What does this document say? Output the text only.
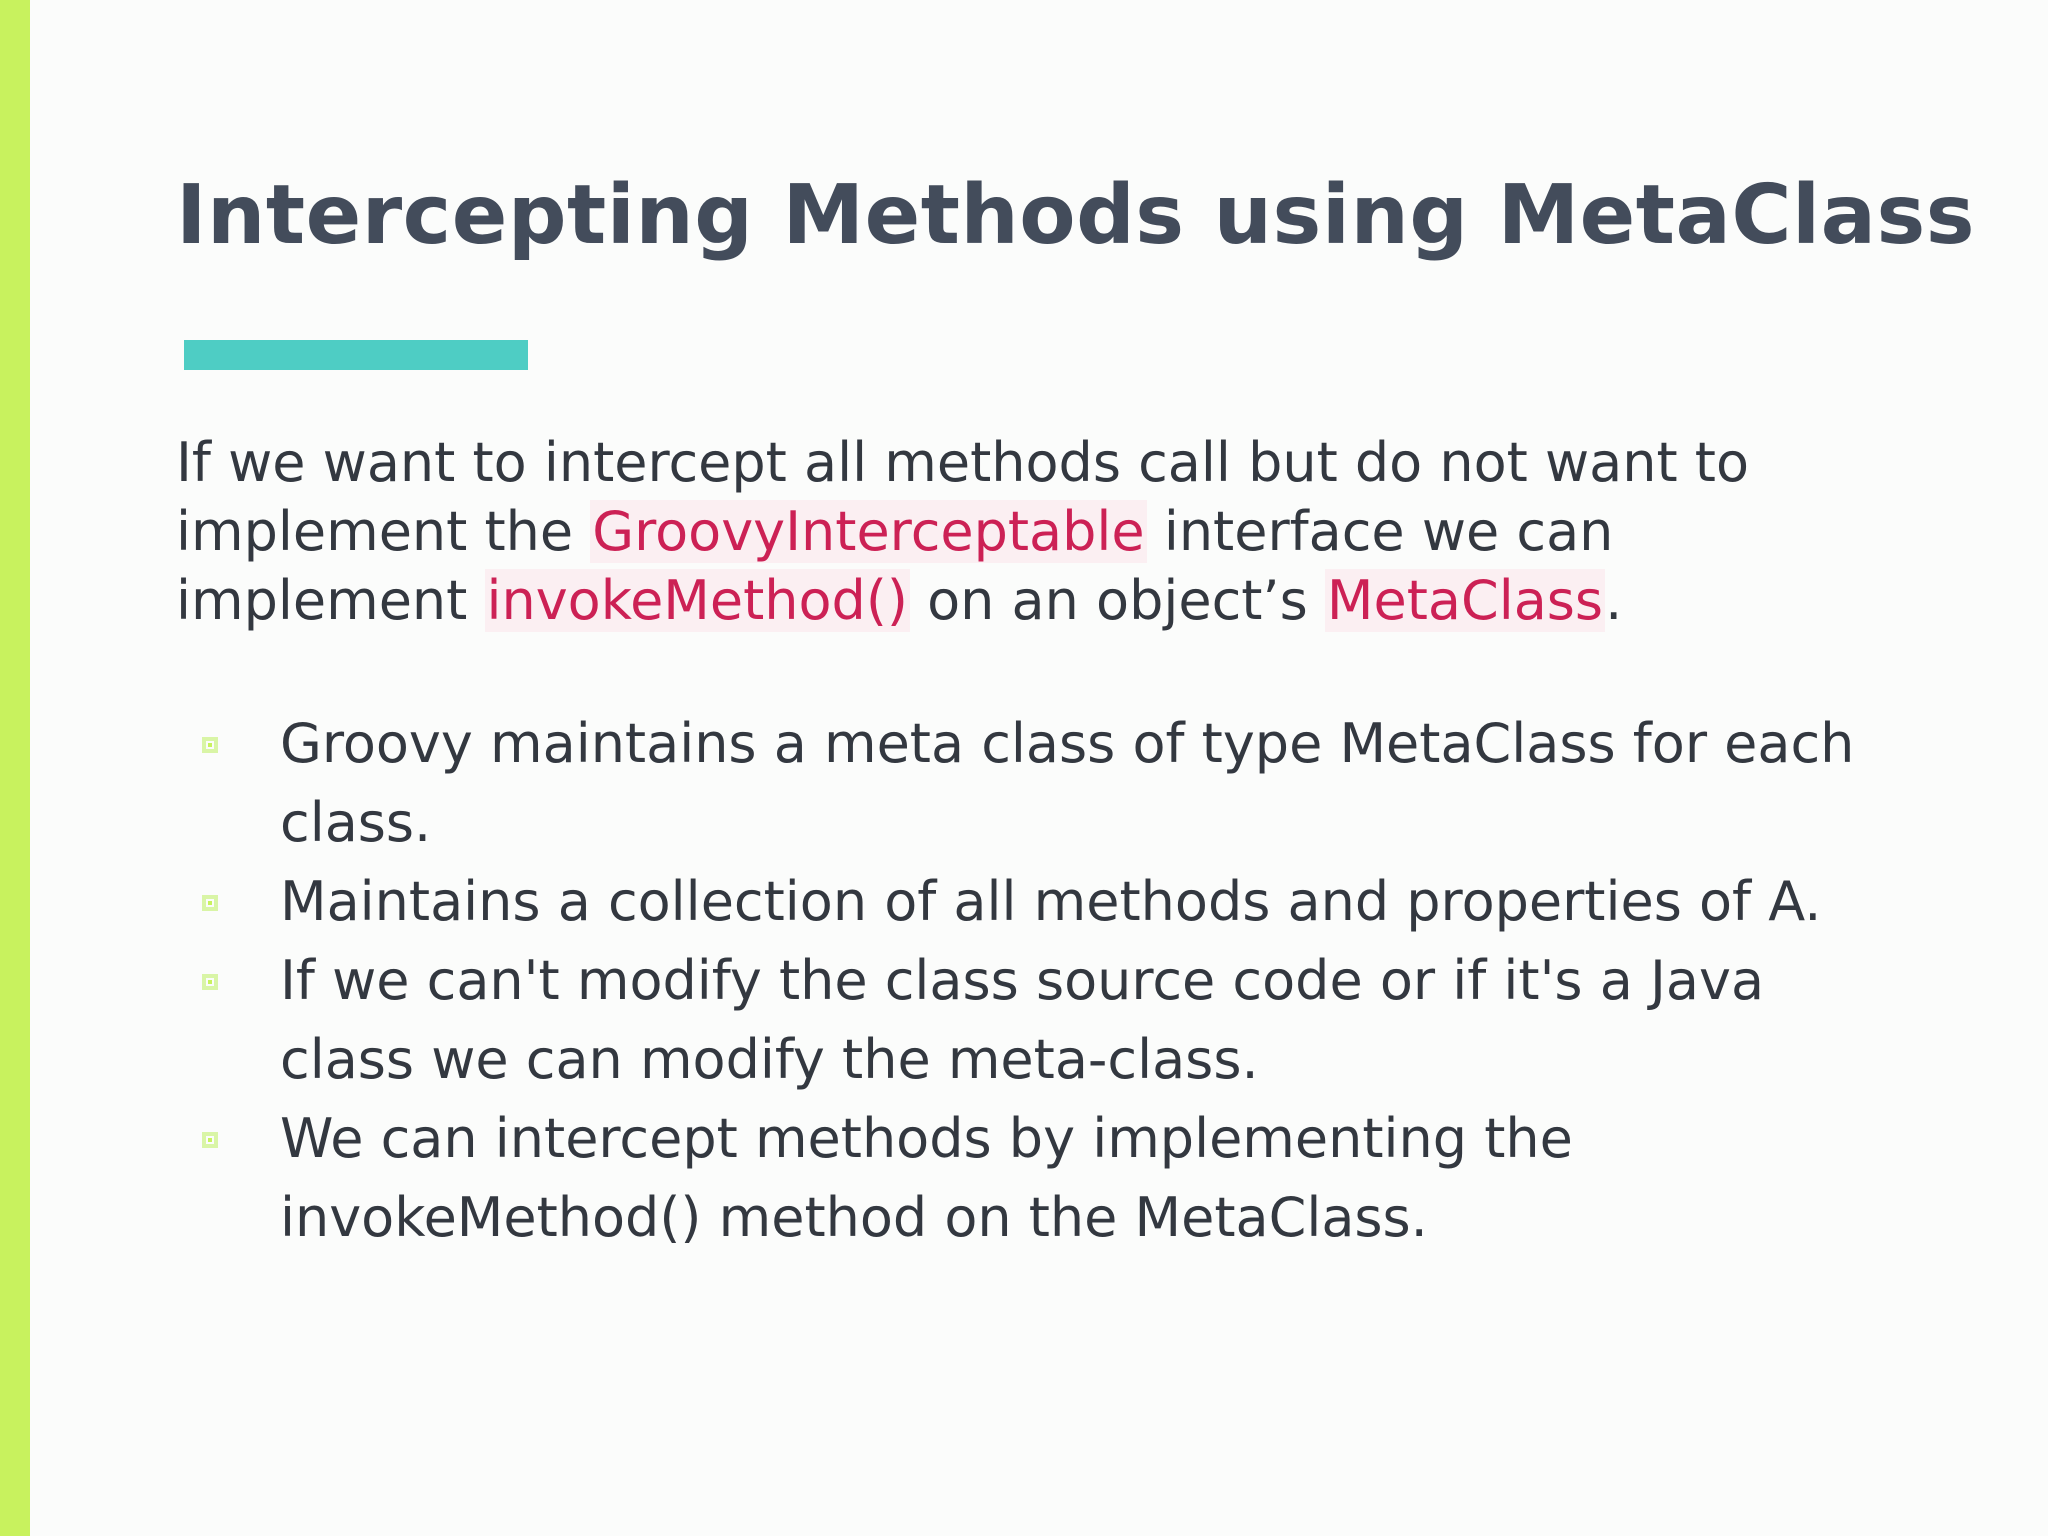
Intercepting Methods using MetaClass

If we want to intercept all methods call but do not want to implement the GroovyInterceptable interface we can implement invokeMethod() on an object’s MetaClass.

Groovy maintains a meta class of type MetaClass for each class.
Maintains a collection of all methods and properties of A.
If we can't modify the class source code or if it's a Java class we can modify the meta-class.
We can intercept methods by implementing the invokeMethod() method on the MetaClass.
